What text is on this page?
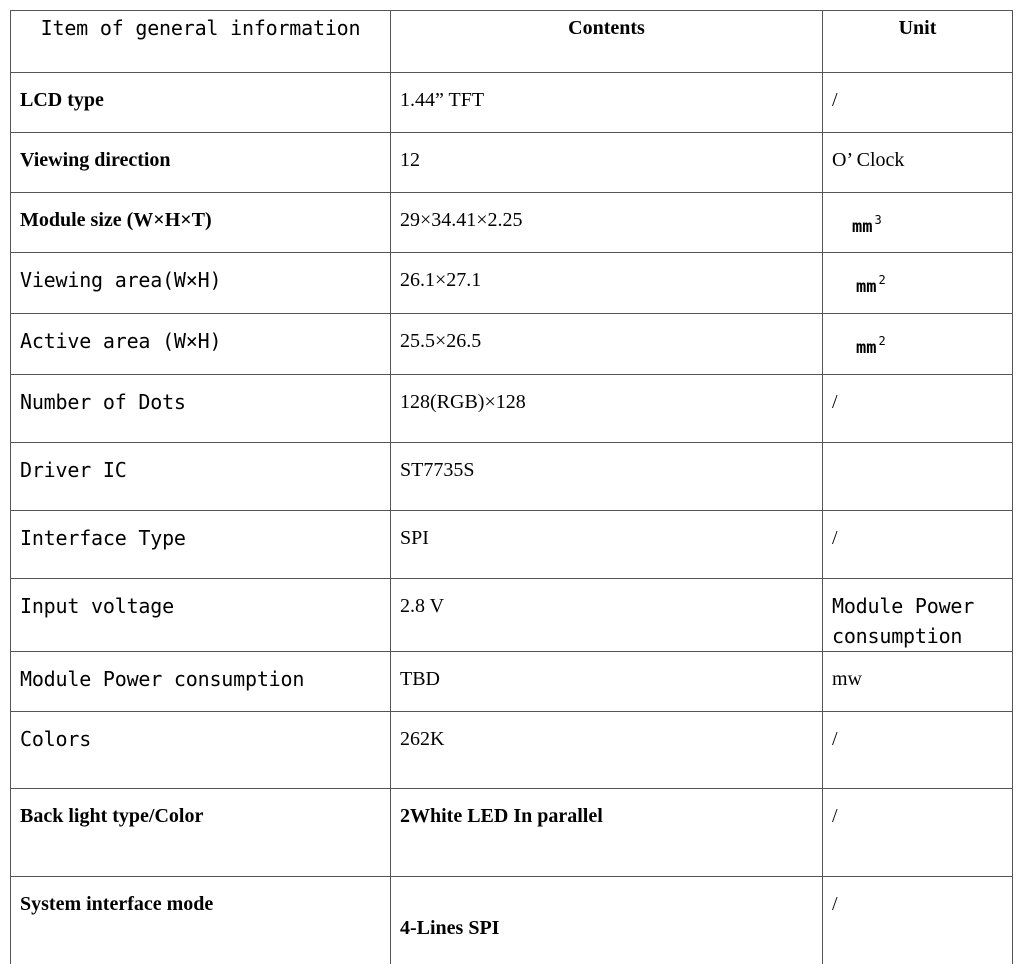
Item of general information	Contents	Unit
LCD type	1.44” TFT	/
Viewing direction	12	O’ Clock
Module size (W×H×T)	29×34.41×2.25	mm $^3$
Viewing area(W×H)	26.1×27.1	mm $^2$
Active area (W×H)	25.5×26.5	mm $^2$
Number of Dots	128(RGB)×128	/
Driver IC	ST7735S	
Interface Type	SPI	/
Input voltage	2.8 V	Module Power consumption
Module Power consumption	TBD	mw
Colors	262K	/
Back light type/Color	2White LED In parallel	/
System interface mode	4-Lines SPI	/
